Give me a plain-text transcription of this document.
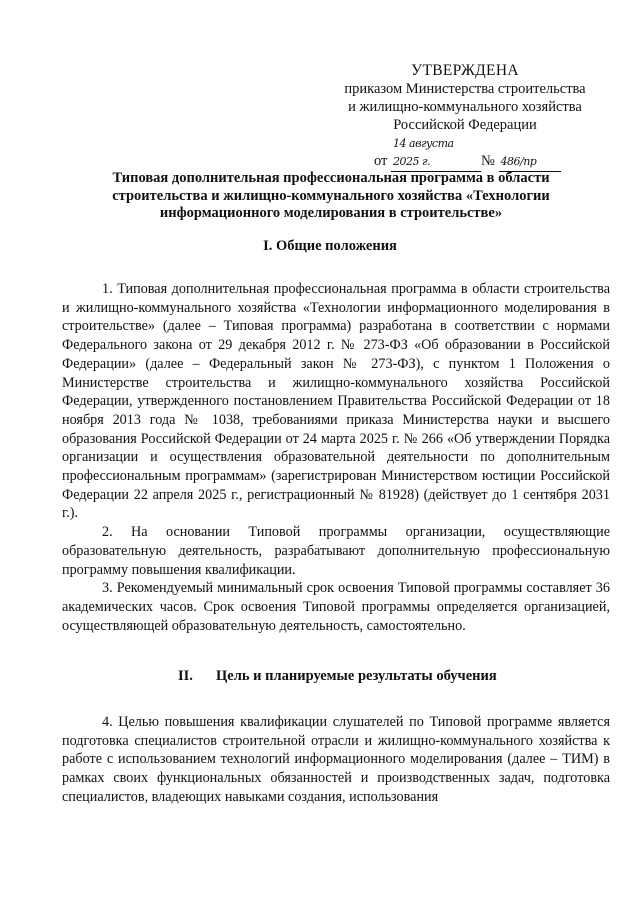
УТВЕРЖДЕНА
приказом Министерства строительства
и жилищно-коммунального хозяйства
Российской Федерации
от 14 августа 2025 г.	№ 486/пр
Типовая дополнительная профессиональная программа в области строительства и жилищно-коммунального хозяйства «Технологии информационного моделирования в строительстве»
I. Общие положения

1. Типовая дополнительная профессиональная программа в области строительства и жилищно-коммунального хозяйства «Технологии информационного моделирования в строительстве» (далее – Типовая программа) разработана в соответствии с нормами Федерального закона от 29 декабря 2012 г. № 273-ФЗ «Об образовании в Российской Федерации» (далее – Федеральный закон № 273-ФЗ), с пунктом 1 Положения о Министерстве строительства и жилищно-коммунального хозяйства Российской Федерации, утвержденного постановлением Правительства Российской Федерации от 18 ноября 2013 года № 1038, требованиями приказа Министерства науки и высшего образования Российской Федерации от 24 марта 2025 г. № 266 «Об утверждении Порядка организации и осуществления образовательной деятельности по дополнительным профессиональным программам» (зарегистрирован Министерством юстиции Российской Федерации 22 апреля 2025 г., регистрационный № 81928) (действует до 1 сентября 2031 г.).

2. На основании Типовой программы организации, осуществляющие образовательную деятельность, разрабатывают дополнительную профессиональную программу повышения квалификации.

3. Рекомендуемый минимальный срок освоения Типовой программы составляет 36 академических часов. Срок освоения Типовой программы определяется организацией, осуществляющей образовательную деятельность, самостоятельно.

II. Цель и планируемые результаты обучения

4. Целью повышения квалификации слушателей по Типовой программе является подготовка специалистов строительной отрасли и жилищно-коммунального хозяйства к работе с использованием технологий информационного моделирования (далее – ТИМ) в рамках своих функциональных обязанностей и производственных задач, подготовка специалистов, владеющих навыками создания, использования
